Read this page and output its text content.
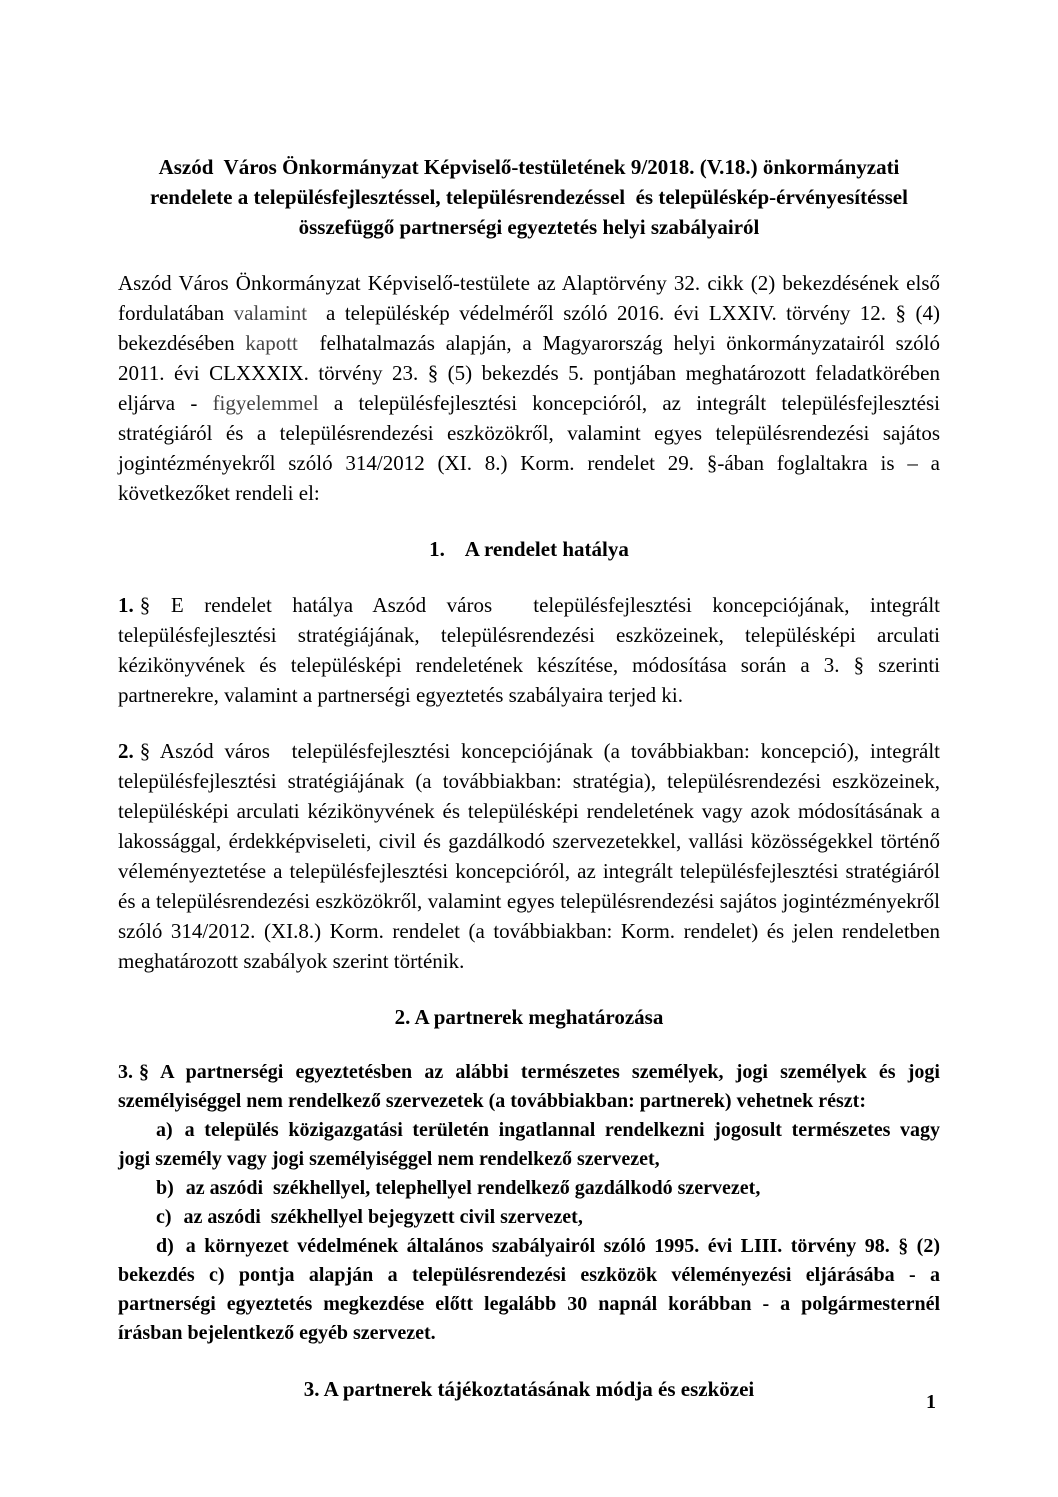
Aszód  Város Önkormányzat Képviselő-testületének 9/2018. (V.18.) önkormányzati
rendelete a településfejlesztéssel, településrendezéssel  és településkép-érvényesítéssel
összefüggő partnerségi egyeztetés helyi szabályairól

Aszód Város Önkormányzat Képviselő-testülete az Alaptörvény 32. cikk (2) bekezdésének első fordulatában valamint  a településkép védelméről szóló 2016. évi LXXIV. törvény 12. § (4) bekezdésében kapott  felhatalmazás alapján, a Magyarország helyi önkormányzatairól szóló 2011. évi CLXXXIX. törvény 23. § (5) bekezdés 5. pontjában meghatározott feladatkörében eljárva - figyelemmel a településfejlesztési koncepcióról, az integrált településfejlesztési stratégiáról és a településrendezési eszközökről, valamint egyes településrendezési sajátos jogintézményekről szóló 314/2012 (XI. 8.) Korm. rendelet 29. §-ában foglaltakra is – a következőket rendeli el:

1.    A rendelet hatálya

1. § E rendelet hatálya Aszód város  településfejlesztési koncepciójának, integrált településfejlesztési stratégiájának, településrendezési eszközeinek, településképi arculati kézikönyvének és településképi rendeletének készítése, módosítása során a 3. § szerinti partnerekre, valamint a partnerségi egyeztetés szabályaira terjed ki.

2. § Aszód város  településfejlesztési koncepciójának (a továbbiakban: koncepció), integrált településfejlesztési stratégiájának (a továbbiakban: stratégia), településrendezési eszközeinek, településképi arculati kézikönyvének és településképi rendeletének vagy azok módosításának a lakossággal, érdekképviseleti, civil és gazdálkodó szervezetekkel, vallási közösségekkel történő véleményeztetése a településfejlesztési koncepcióról, az integrált településfejlesztési stratégiáról és a településrendezési eszközökről, valamint egyes településrendezési sajátos jogintézményekről szóló 314/2012. (XI.8.) Korm. rendelet (a továbbiakban: Korm. rendelet) és jelen rendeletben meghatározott szabályok szerint történik.

2. A partnerek meghatározása

3. § A partnerségi egyeztetésben az alábbi természetes személyek, jogi személyek és jogi személyiséggel nem rendelkező szervezetek (a továbbiakban: partnerek) vehetnek részt:

a) a település közigazgatási területén ingatlannal rendelkezni jogosult természetes vagy jogi személy vagy jogi személyiséggel nem rendelkező szervezet,

b) az aszódi  székhellyel, telephellyel rendelkező gazdálkodó szervezet,

c) az aszódi  székhellyel bejegyzett civil szervezet,

d) a környezet védelmének általános szabályairól szóló 1995. évi LIII. törvény 98. § (2) bekezdés c) pontja alapján a településrendezési eszközök véleményezési eljárásába - a partnerségi egyeztetés megkezdése előtt legalább 30 napnál korábban - a polgármesternél írásban bejelentkező egyéb szervezet.

3. A partnerek tájékoztatásának módja és eszközei
1
